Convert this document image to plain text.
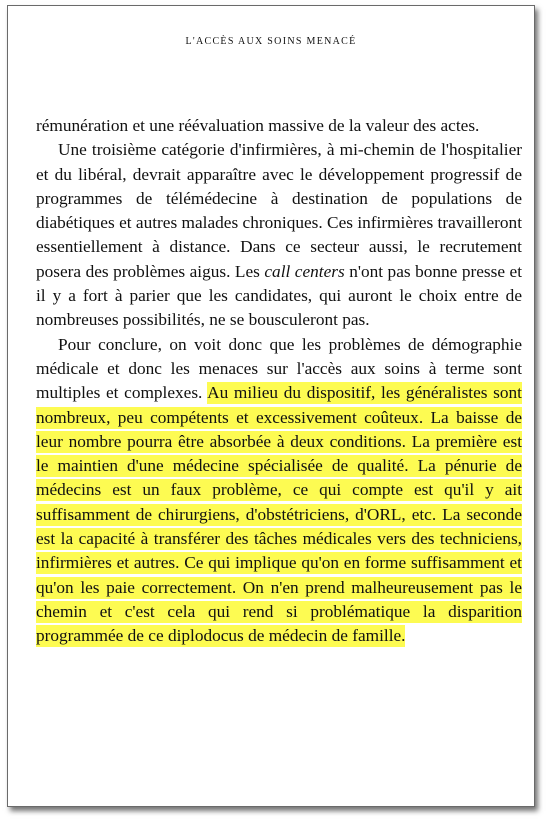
L'ACCÈS AUX SOINS MENACÉ

rémunération et une réévaluation massive de la valeur des actes.

Une troisième catégorie d'infirmières, à mi-chemin de l'hospitalier et du libéral, devrait apparaître avec le développement progressif de programmes de télémédecine à destination de populations de diabétiques et autres malades chroniques. Ces infirmières travailleront essentiellement à distance. Dans ce secteur aussi, le recrutement posera des problèmes aigus. Les call centers n'ont pas bonne presse et il y a fort à parier que les candidates, qui auront le choix entre de nombreuses possibilités, ne se bousculeront pas.

Pour conclure, on voit donc que les problèmes de démographie médicale et donc les menaces sur l'accès aux soins à terme sont multiples et complexes. Au milieu du dispositif, les généralistes sont nombreux, peu compétents et excessivement coûteux. La baisse de leur nombre pourra être absorbée à deux conditions. La première est le maintien d'une médecine spécialisée de qualité. La pénurie de médecins est un faux problème, ce qui compte est qu'il y ait suffisamment de chirurgiens, d'obstétriciens, d'ORL, etc. La seconde est la capacité à transférer des tâches médicales vers des techniciens, infirmières et autres. Ce qui implique qu'on en forme suffisamment et qu'on les paie correctement. On n'en prend malheureusement pas le chemin et c'est cela qui rend si problématique la disparition programmée de ce diplodocus de médecin de famille.
